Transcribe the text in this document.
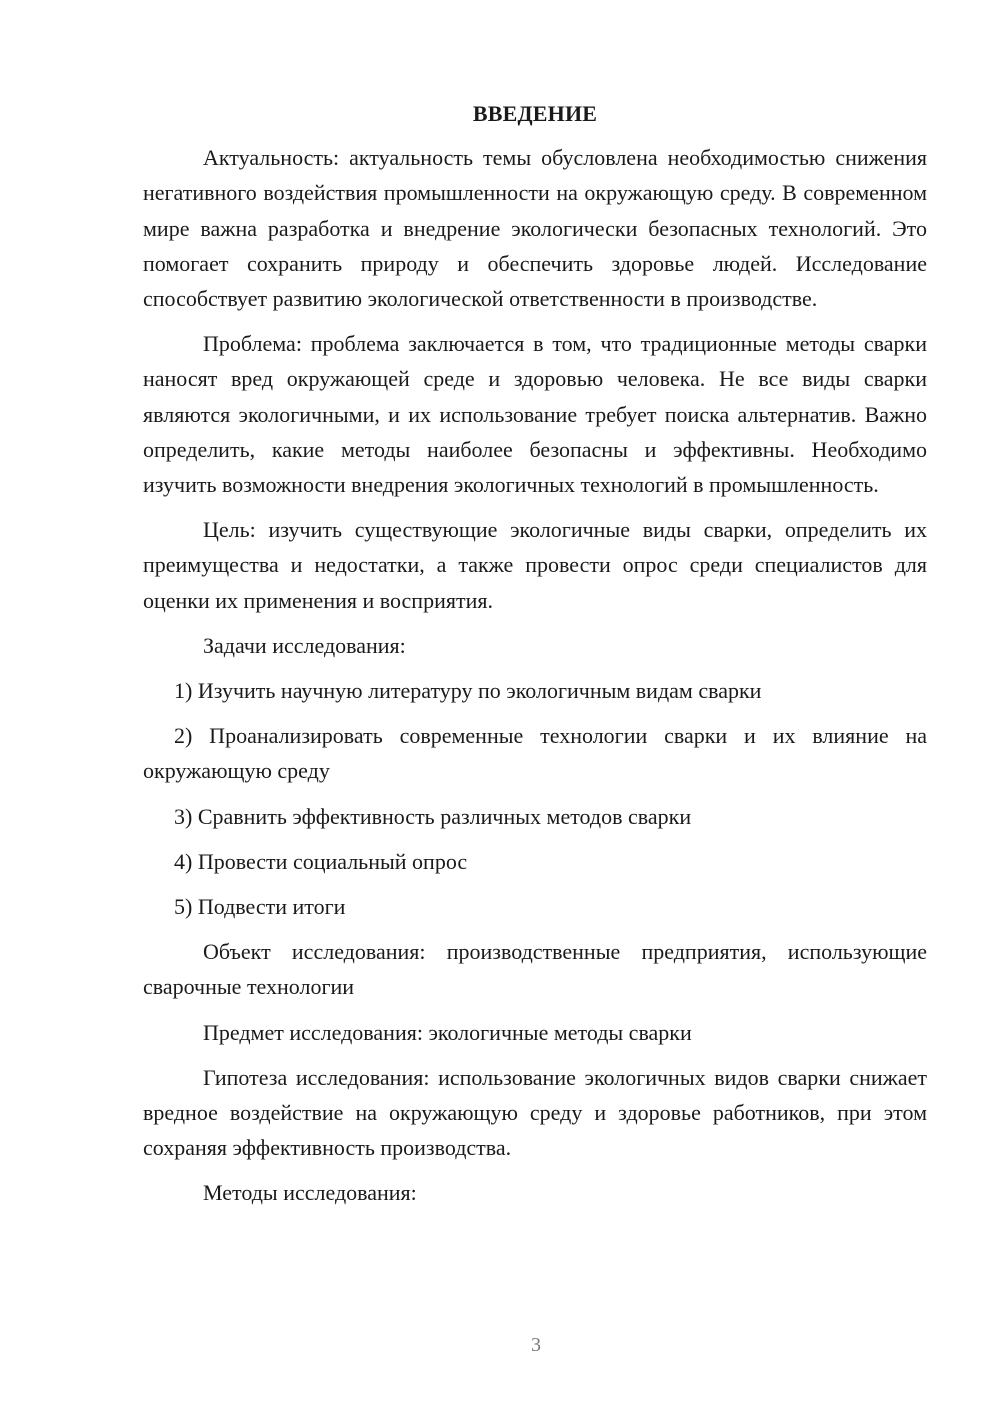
ВВЕДЕНИЕ

Актуальность: актуальность темы обусловлена необходимостью снижения негативного воздействия промышленности на окружающую среду. В современном мире важна разработка и внедрение экологически безопасных технологий. Это помогает сохранить природу и обеспечить здоровье людей. Исследование способствует развитию экологической ответственности в производстве.

Проблема: проблема заключается в том, что традиционные методы сварки наносят вред окружающей среде и здоровью человека. Не все виды сварки являются экологичными, и их использование требует поиска альтернатив. Важно определить, какие методы наиболее безопасны и эффективны. Необходимо изучить возможности внедрения экологичных технологий в промышленность.

Цель: изучить существующие экологичные виды сварки, определить их преимущества и недостатки, а также провести опрос среди специалистов для оценки их применения и восприятия.

Задачи исследования:

1) Изучить научную литературу по экологичным видам сварки

2) Проанализировать современные технологии сварки и их влияние на окружающую среду

3) Сравнить эффективность различных методов сварки

4) Провести социальный опрос

5) Подвести итоги

Объект исследования: производственные предприятия, использующие сварочные технологии

Предмет исследования: экологичные методы сварки

Гипотеза исследования: использование экологичных видов сварки снижает вредное воздействие на окружающую среду и здоровье работников, при этом сохраняя эффективность производства.

Методы исследования:

3
